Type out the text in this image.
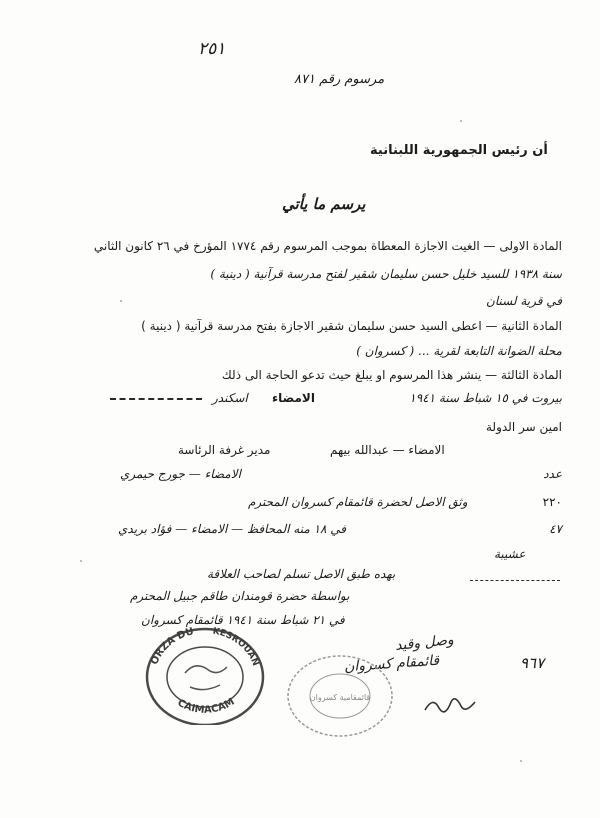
٢٥١
مرسوم رقم ٨٧١
أن رئيس الجمهورية اللبنانية
يرسم ما يأتي
المادة الاولى — الغيت الاجازة المعطاة بموجب المرسوم رقم ١٧٧٤ المؤرخ في ٢٦ كانون الثاني
سنة ١٩٣٨ للسيد خليل حسن سليمان شقير لفتح مدرسة قرآنية ( دينية )
في قرية لسنان
المادة الثانية — اعطى السيد حسن سليمان شقير الاجازة بفتح مدرسة قرآنية ( دينية )
محلة الضوانة التابعة لقرية ... ( كسروان )
المادة الثالثة — ينشر هذا المرسوم او يبلغ حيث تدعو الحاجة الى ذلك
بيروت في ١٥ شباط سنة ١٩٤١
الامضاء
اسكندر
امين سر الدولة
الامضاء — عبدالله بيهم
مدير غرفة الرئاسة
الامضاء — جورج حيمري	عدد
٢٢٠
وثق الاصل لحضرة قائمقام كسروان المحترم
٤٧
في ١٨ منه المحافظ — الامضاء — فؤاد بريدي
عشيبة
بهده طبق الاصل تسلم لصاحب العلاقة
بواسطة حضرة قومندان طاقم جبيل المحترم
في ٢١ شباط سنة ١٩٤١ قائمقام كسروان
وصل وقيد
قائمقام كسروان	٩٦٧
ORZA DU KESROUAN
CAIMACAM	قائمقامية كسروان
